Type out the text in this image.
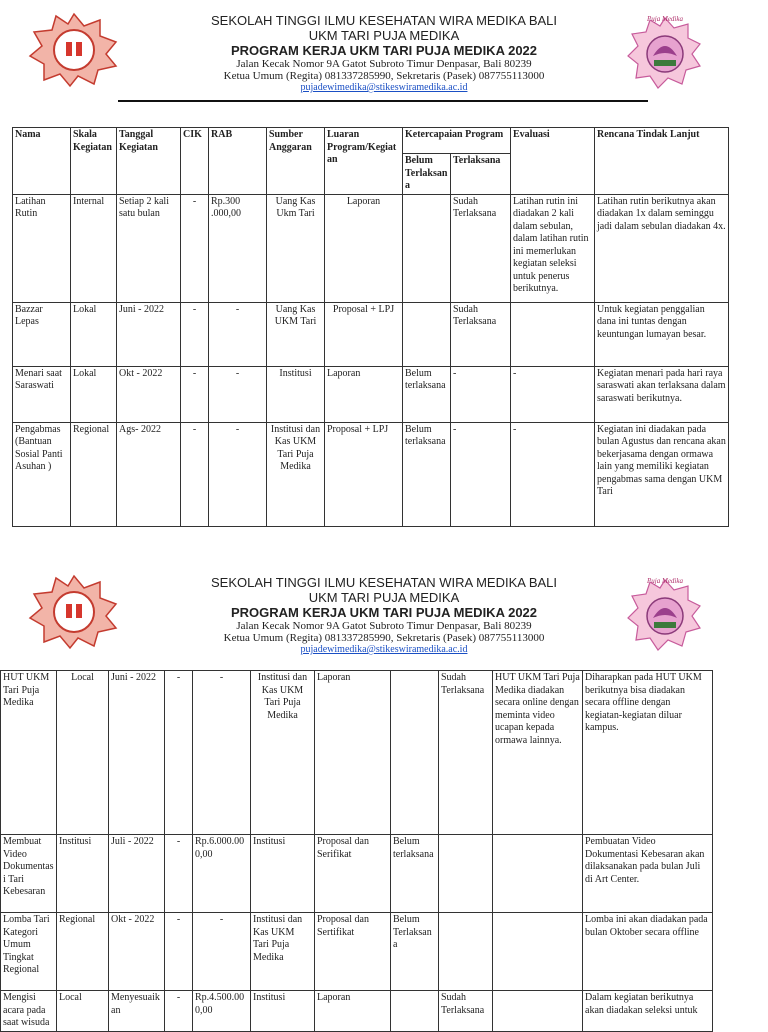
SEKOLAH TINGGI ILMU KESEHATAN WIRA MEDIKA BALI
UKM TARI PUJA MEDIKA
PROGRAM KERJA UKM TARI PUJA MEDIKA 2022
Jalan Kecak Nomor 9A Gatot Subroto Timur Denpasar, Bali 80239
Ketua Umum (Regita) 081337285990, Sekretaris (Pasek) 087755113000
pujadewimedika@stikeswiramedika.ac.id
Puja Medika
Nama	Skala Kegiatan	Tanggal Kegiatan	CIK	RAB	Sumber Anggaran	Luaran Program/Kegiatan	Ketercapaian Program		Evaluasi	Rencana Tindak Lanjut
							Belum Terlaksana	Terlaksana		
Latihan Rutin	Internal	Setiap 2 kali satu bulan	-	Rp.300 .000,00	Uang Kas Ukm Tari	Laporan		Sudah Terlaksana	Latihan rutin ini diadakan 2 kali dalam sebulan, dalam latihan rutin ini memerlukan kegiatan seleksi untuk penerus berikutnya.	Latihan rutin berikutnya akan diadakan 1x dalam seminggu jadi dalam sebulan diadakan 4x.
Bazzar Lepas	Lokal	Juni - 2022	-	-	Uang Kas UKM Tari	Proposal + LPJ		Sudah Terlaksana		Untuk kegiatan penggalian dana ini tuntas dengan keuntungan lumayan besar.
Menari saat Saraswati	Lokal	Okt - 2022	-	-	Institusi	Laporan	Belum terlaksana	-	-	Kegiatan menari pada hari raya saraswati akan terlaksana dalam saraswati berikutnya.
Pengabmas (Bantuan Sosial Panti Asuhan )	Regional	Ags- 2022	-	-	Institusi dan Kas UKM Tari Puja Medika	Proposal + LPJ	Belum terlaksana	-	-	Kegiatan ini diadakan pada bulan Agustus dan rencana akan bekerjasama dengan ormawa lain yang memiliki kegiatan pengabmas sama dengan UKM Tari
SEKOLAH TINGGI ILMU KESEHATAN WIRA MEDIKA BALI
UKM TARI PUJA MEDIKA
PROGRAM KERJA UKM TARI PUJA MEDIKA 2022
Jalan Kecak Nomor 9A Gatot Subroto Timur Denpasar, Bali 80239
Ketua Umum (Regita) 081337285990, Sekretaris (Pasek) 087755113000
pujadewimedika@stikeswiramedika.ac.id
Puja Medika
HUT UKM Tari Puja Medika	Local	Juni - 2022	-	-	Institusi dan Kas UKM Tari Puja Medika	Laporan		Sudah Terlaksana	HUT UKM Tari Puja Medika diadakan secara online dengan meminta video ucapan kepada ormawa lainnya.	Diharapkan pada HUT UKM berikutnya bisa diadakan secara offline dengan kegiatan-kegiatan diluar kampus.
Membuat Video Dokumentasi Tari Kebesaran	Institusi	Juli - 2022	-	Rp.6.000.00 0,00	Institusi	Proposal dan Serifikat	Belum terlaksana			Pembuatan Video Dokumentasi Kebesaran akan dilaksanakan pada bulan Juli di Art Center.
Lomba Tari Kategori Umum Tingkat Regional	Regional	Okt - 2022	-	-	Institusi dan Kas UKM Tari Puja Medika	Proposal dan Sertifikat	Belum Terlaksana			Lomba ini akan diadakan pada bulan Oktober secara offline
Mengisi acara pada saat wisuda	Local	Menyesuaikan	-	Rp.4.500.00 0,00	Institusi	Laporan		Sudah Terlaksana		Dalam kegiatan berikutnya akan diadakan seleksi untuk
